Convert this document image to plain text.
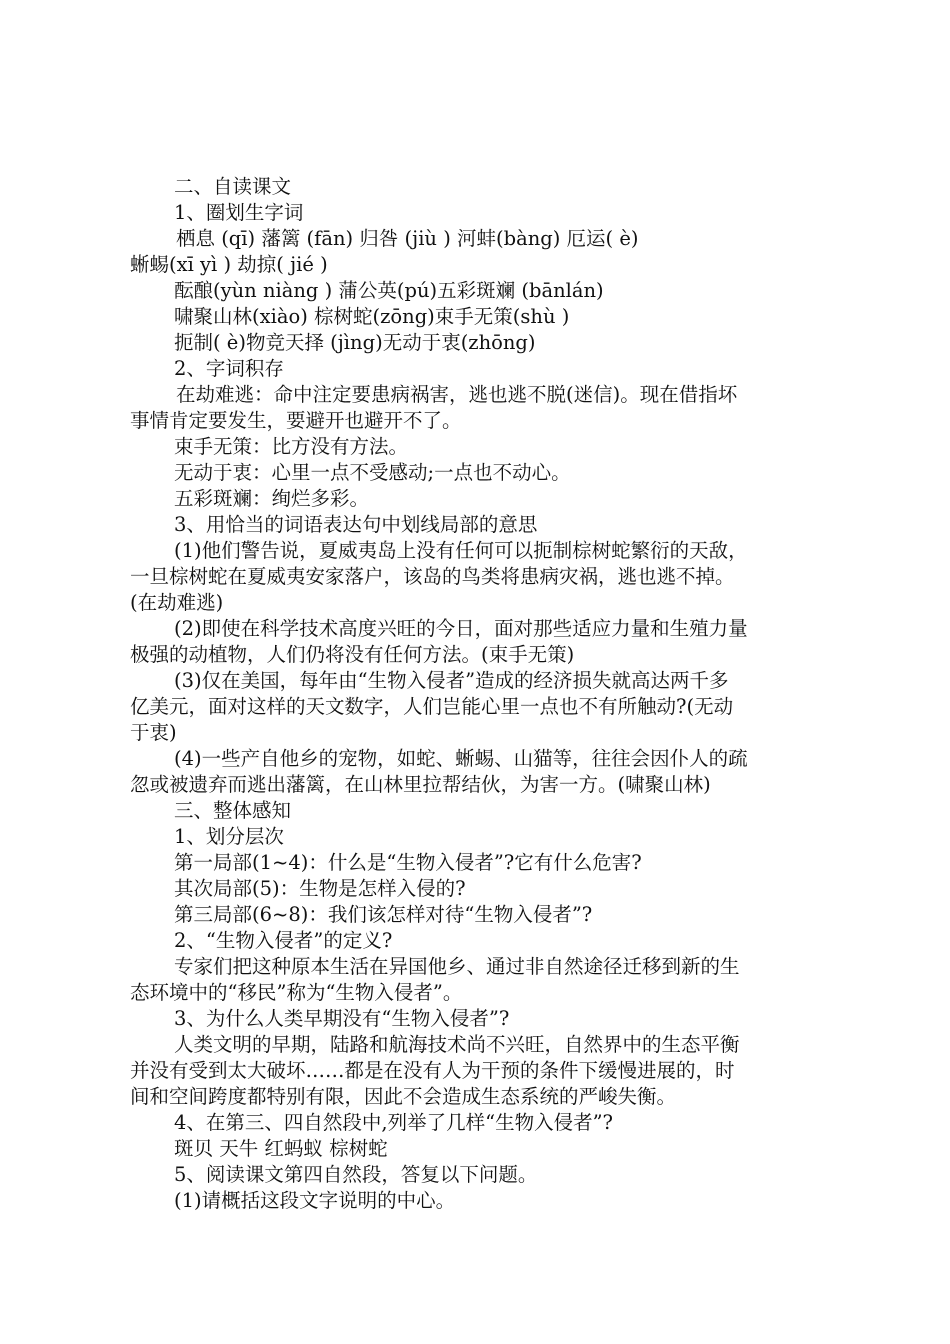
二、自读课文
1、圈划生字词
栖息 (qī) 藩篱 (fān) 归咎 (jiù ) 河蚌(bàng) 厄运( è)
蜥蜴(xī yì ) 劫掠( jié )
酝酿(yùn niàng ) 蒲公英(pú)五彩斑斓 (bānlán)
啸聚山林(xiào) 棕树蛇(zōng)束手无策(shù )
扼制( è)物竞天择 (jìng)无动于衷(zhōng)
2、字词积存
在劫难逃：命中注定要患病祸害，逃也逃不脱(迷信)。现在借指坏
事情肯定要发生，要避开也避开不了。
束手无策：比方没有方法。
无动于衷：心里一点不受感动;一点也不动心。
五彩斑斓：绚烂多彩。
3、用恰当的词语表达句中划线局部的意思
(1)他们警告说，夏威夷岛上没有任何可以扼制棕树蛇繁衍的天敌，
一旦棕树蛇在夏威夷安家落户，该岛的鸟类将患病灾祸，逃也逃不掉。
(在劫难逃)
(2)即使在科学技术高度兴旺的今日，面对那些适应力量和生殖力量
极强的动植物，人们仍将没有任何方法。(束手无策)
(3)仅在美国，每年由“生物入侵者”造成的经济损失就高达两千多
亿美元，面对这样的天文数字，人们岂能心里一点也不有所触动?(无动
于衷)
(4)一些产自他乡的宠物，如蛇、蜥蜴、山猫等，往往会因仆人的疏
忽或被遗弃而逃出藩篱，在山林里拉帮结伙，为害一方。(啸聚山林)
三、整体感知
1、划分层次
第一局部(1~4)：什么是“生物入侵者”?它有什么危害?
其次局部(5)：生物是怎样入侵的?
第三局部(6~8)：我们该怎样对待“生物入侵者”?
2、“生物入侵者”的定义?
专家们把这种原本生活在异国他乡、通过非自然途径迁移到新的生
态环境中的“移民”称为“生物入侵者”。
3、为什么人类早期没有“生物入侵者”?
人类文明的早期，陆路和航海技术尚不兴旺，自然界中的生态平衡
并没有受到太大破坏……都是在没有人为干预的条件下缓慢进展的，时
间和空间跨度都特别有限，因此不会造成生态系统的严峻失衡。
4、在第三、四自然段中,列举了几样“生物入侵者”?
斑贝 天牛 红蚂蚁 棕树蛇
5、阅读课文第四自然段，答复以下问题。
(1)请概括这段文字说明的中心。
